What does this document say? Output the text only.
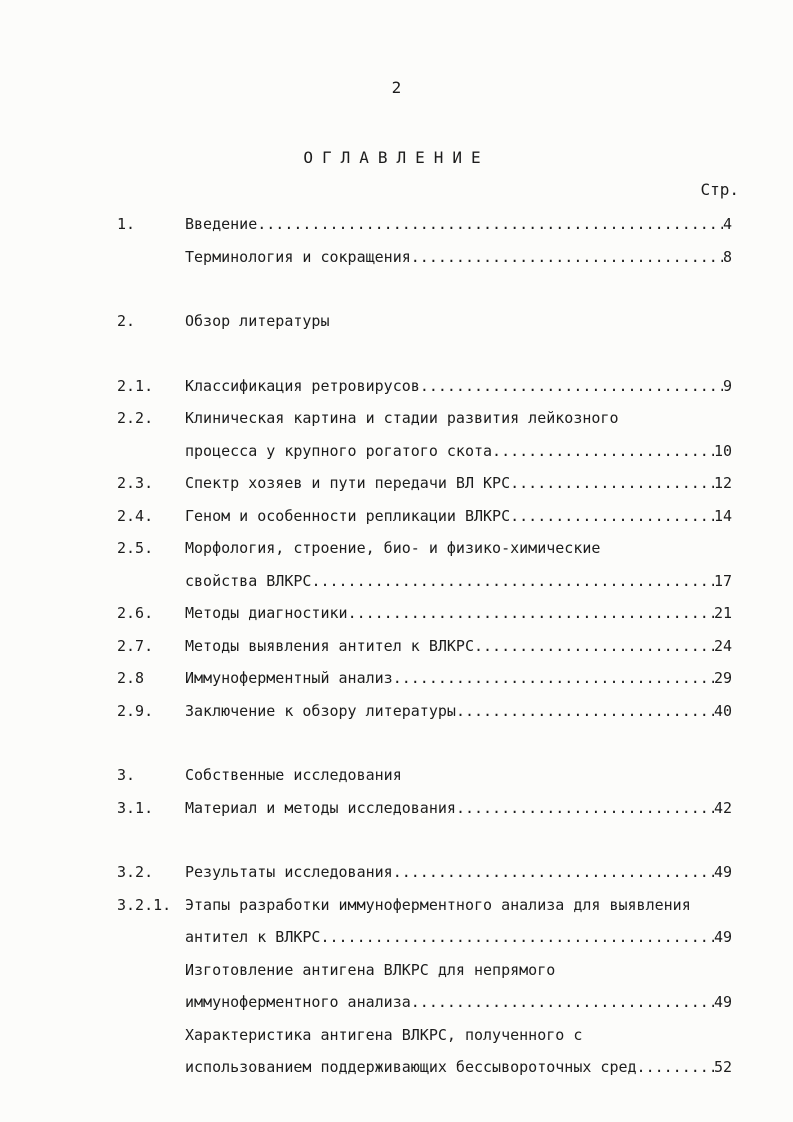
2
ОГЛАВЛЕНИЕ
Стр.
1.	Введение .....	4
Терминология и сокращения .....	8
2.	Обзор литературы
2.1.	Классификация ретровирусов .....	9
2.2.	Клиническая картина и стадии развития лейкозного
процесса у крупного рогатого скота .....	10
2.3.	Спектр хозяев и пути передачи ВЛ КРС .....	12
2.4.	Геном и особенности репликации ВЛКРС .....	14
2.5.	Морфология, строение, био- и физико-химические
свойства ВЛКРС .....	17
2.6.	Методы диагностики .....	21
2.7.	Методы выявления антител к ВЛКРС .....	24
2.8	Иммуноферментный анализ .....	29
2.9.	Заключение к обзору литературы .....	40
3.	Собственные исследования
3.1.	Материал и методы исследования .....	42
3.2.	Результаты исследования .....	49
3.2.1. Этапы разработки иммуноферментного анализа для выявления
антител к ВЛКРС .....	49
Изготовление антигена ВЛКРС для непрямого
иммуноферментного анализа .....	49
Характеристика антигена ВЛКРС, полученного с
использованием поддерживающих бессывороточных сред .....	52
